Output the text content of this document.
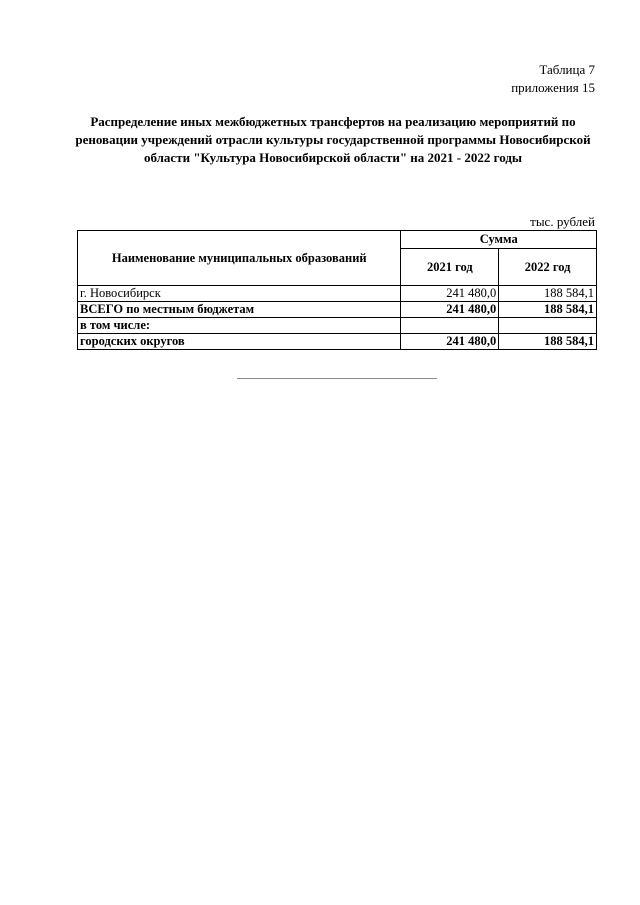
Таблица 7
приложения 15
Распределение иных межбюджетных трансфертов на реализацию мероприятий по реновации учреждений отрасли культуры государственной программы Новосибирской области "Культура Новосибирской области" на 2021 - 2022 годы
тыс. рублей
Наименование муниципальных образований	Сумма	
	2021 год	2022 год
г. Новосибирск	241 480,0	188 584,1
ВСЕГО по местным бюджетам	241 480,0	188 584,1
в том числе:		
городских округов	241 480,0	188 584,1
